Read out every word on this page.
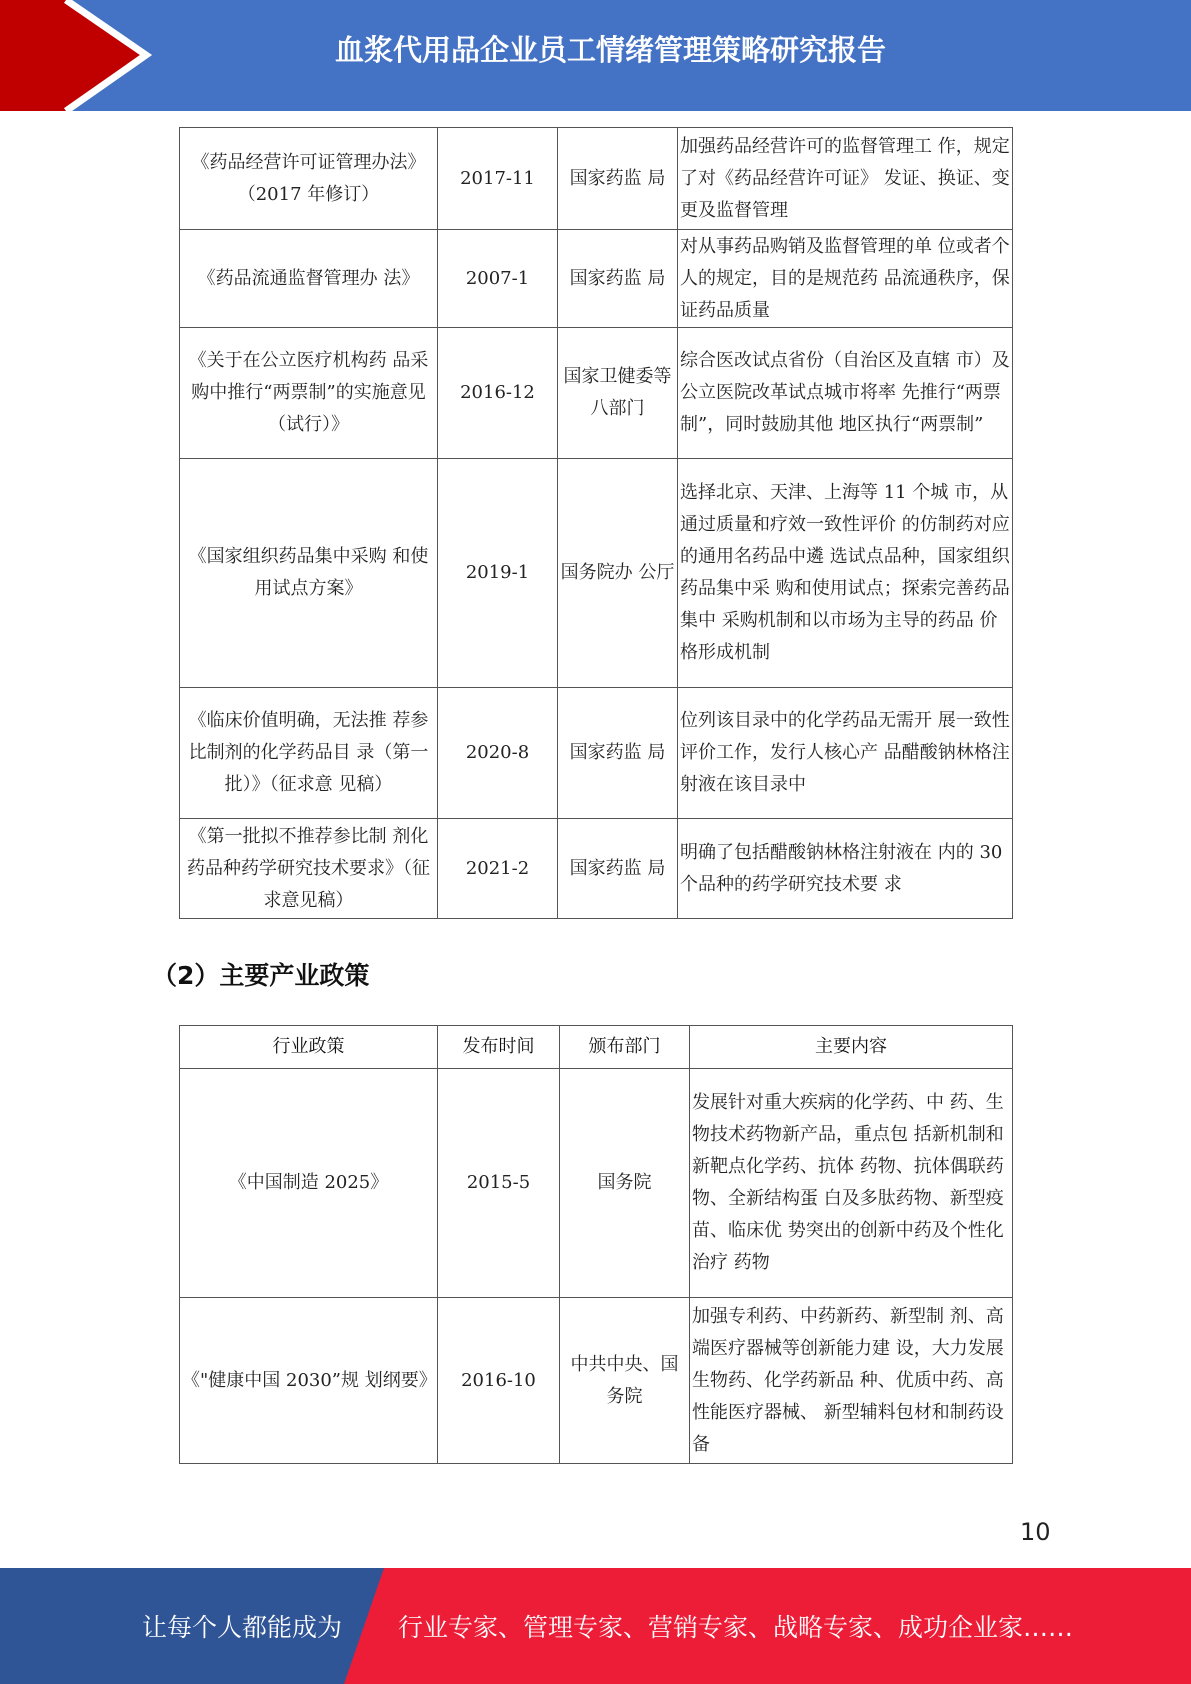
血浆代用品企业员工情绪管理策略研究报告
《药品经营许可证管理办法》（2017 年修订）	2017-11	国家药监 局	加强药品经营许可的监督管理工 作，规定了对《药品经营许可证》 发证、换证、变更及监督管理
《药品流通监督管理办 法》	2007-1	国家药监 局	对从事药品购销及监督管理的单 位或者个人的规定，目的是规范药 品流通秩序，保证药品质量
《关于在公立医疗机构药 品采购中推行“两票制”的实施意见（试行）》	2016-12	国家卫健委等八部门	综合医改试点省份（自治区及直辖 市）及公立医院改革试点城市将率 先推行“两票制”，同时鼓励其他 地区执行“两票制”
《国家组织药品集中采购 和使用试点方案》	2019-1	国务院办 公厅	选择北京、天津、上海等 11 个城 市，从通过质量和疗效一致性评价 的仿制药对应的通用名药品中遴 选试点品种，国家组织药品集中采 购和使用试点；探索完善药品集中 采购机制和以市场为主导的药品 价格形成机制
《临床价值明确，无法推 荐参比制剂的化学药品目 录（第一批）》（征求意 见稿）	2020-8	国家药监 局	位列该目录中的化学药品无需开 展一致性评价工作，发行人核心产 品醋酸钠林格注射液在该目录中
《第一批拟不推荐参比制 剂化药品种药学研究技术要求》（征求意见稿）	2021-2	国家药监 局	明确了包括醋酸钠林格注射液在 内的 30 个品种的药学研究技术要 求
（2）主要产业政策
行业政策	发布时间	颁布部门	主要内容
《中国制造 2025》	2015-5	国务院	发展针对重大疾病的化学药、中 药、生物技术药物新产品，重点包 括新机制和新靶点化学药、抗体 药物、抗体偶联药物、全新结构蛋 白及多肽药物、新型疫苗、临床优 势突出的创新中药及个性化治疗 药物
《"健康中国 2030”规 划纲要》	2016-10	中共中央、国务院	加强专利药、中药新药、新型制 剂、高端医疗器械等创新能力建 设，大力发展生物药、化学药新品 种、优质中药、高性能医疗器械、 新型辅料包材和制药设备
10
让每个人都能成为 行业专家、管理专家、营销专家、战略专家、成功企业家……
